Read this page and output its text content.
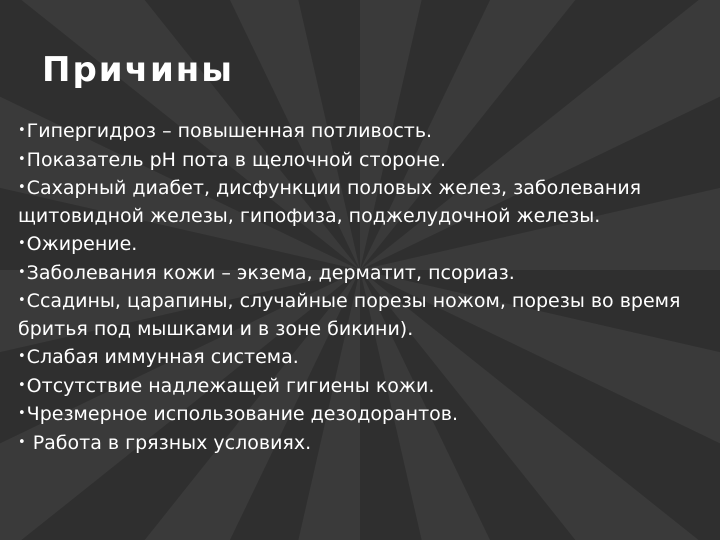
Причины
•Гипергидроз – повышенная потливость.
•Показатель pH пота в щелочной стороне.
•Сахарный диабет, дисфункции половых желез, заболевания щитовидной железы, гипофиза, поджелудочной железы.
•Ожирение.
•Заболевания кожи – экзема, дерматит, псориаз.
•Ссадины, царапины, случайные порезы ножом, порезы во время бритья под мышками и в зоне бикини).
•Слабая иммунная система.
•Отсутствие надлежащей гигиены кожи.
•Чрезмерное использование дезодорантов.
• Работа в грязных условиях.
